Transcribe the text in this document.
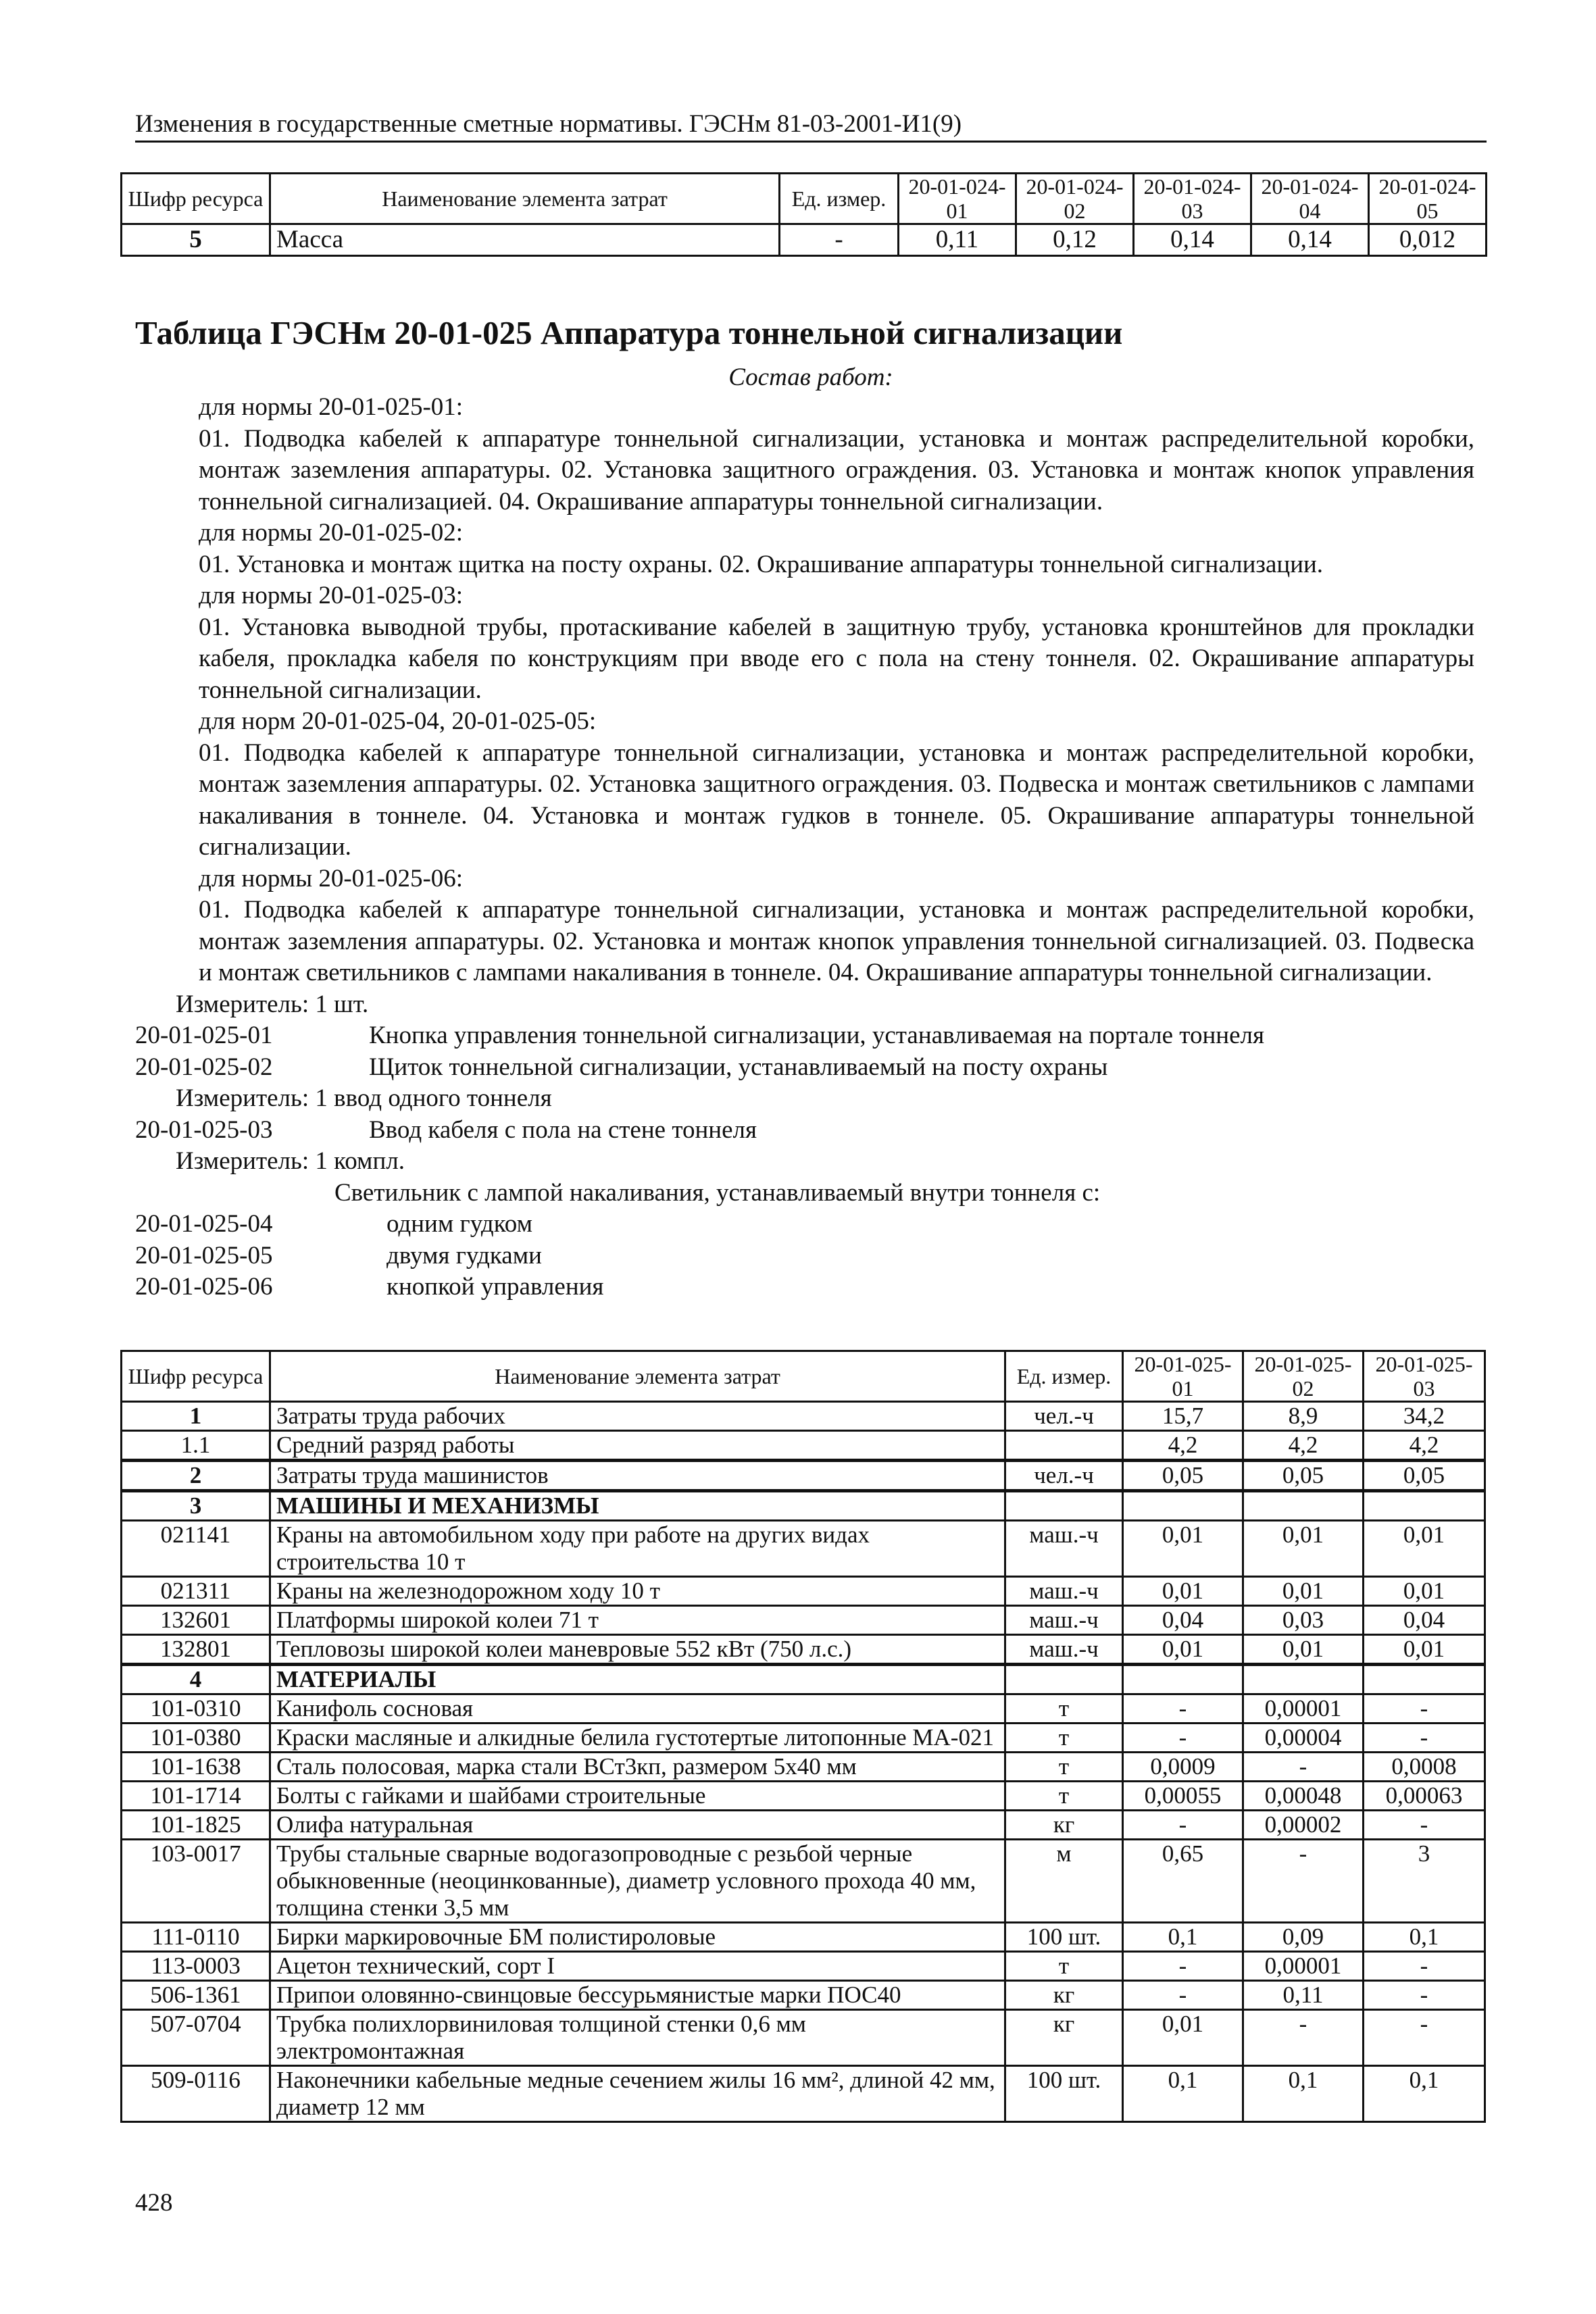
Изменения в государственные сметные нормативы. ГЭСНм 81-03-2001-И1(9)
Шифр ресурса	Наименование элемента затрат	Ед. измер.	20-01-024-01	20-01-024-02	20-01-024-03	20-01-024-04	20-01-024-05
5	Масса	-	0,11	0,12	0,14	0,14	0,012
Таблица ГЭСНм 20-01-025 Аппаратура тоннельной сигнализации
Состав работ:

для нормы 20-01-025-01:

01. Подводка кабелей к аппаратуре тоннельной сигнализации, установка и монтаж распределительной коробки, монтаж заземления аппаратуры. 02. Установка защитного ограждения. 03. Установка и монтаж кнопок управления тоннельной сигнализацией. 04. Окрашивание аппаратуры тоннельной сигнализации.

для нормы 20-01-025-02:

01. Установка и монтаж щитка на посту охраны. 02. Окрашивание аппаратуры тоннельной сигнализации.

для нормы 20-01-025-03:

01. Установка выводной трубы, протаскивание кабелей в защитную трубу, установка кронштейнов для прокладки кабеля, прокладка кабеля по конструкциям при вводе его с пола на стену тоннеля. 02. Окрашивание аппаратуры тоннельной сигнализации.

для норм 20-01-025-04, 20-01-025-05:

01. Подводка кабелей к аппаратуре тоннельной сигнализации, установка и монтаж распределительной коробки, монтаж заземления аппаратуры. 02. Установка защитного ограждения. 03. Подвеска и монтаж светильников с лампами накаливания в тоннеле. 04. Установка и монтаж гудков в тоннеле. 05. Окрашивание аппаратуры тоннельной сигнализации.

для нормы 20-01-025-06:

01. Подводка кабелей к аппаратуре тоннельной сигнализации, установка и монтаж распределительной коробки, монтаж заземления аппаратуры. 02. Установка и монтаж кнопок управления тоннельной сигнализацией. 03. Подвеска и монтаж светильников с лампами накаливания в тоннеле. 04. Окрашивание аппаратуры тоннельной сигнализации.

Измеритель: 1 шт.

20-01-025-01	Кнопка управления тоннельной сигнализации, устанавливаемая на портале тоннеля
20-01-025-02	Щиток тоннельной сигнализации, устанавливаемый на посту охраны

Измеритель: 1 ввод одного тоннеля

20-01-025-03	Ввод кабеля с пола на стене тоннеля

Измеритель: 1 компл.

Светильник с лампой накаливания, устанавливаемый внутри тоннеля с:

20-01-025-04	одним гудком
20-01-025-05	двумя гудками
20-01-025-06	кнопкой управления
Шифр ресурса	Наименование элемента затрат	Ед. измер.	20-01-025-01	20-01-025-02	20-01-025-03
1	Затраты труда рабочих	чел.-ч	15,7	8,9	34,2
1.1	Средний разряд работы		4,2	4,2	4,2
2	Затраты труда машинистов	чел.-ч	0,05	0,05	0,05
3	МАШИНЫ И МЕХАНИЗМЫ				
021141	Краны на автомобильном ходу при работе на других видах строительства 10 т	маш.-ч	0,01	0,01	0,01
021311	Краны на железнодорожном ходу 10 т	маш.-ч	0,01	0,01	0,01
132601	Платформы широкой колеи 71 т	маш.-ч	0,04	0,03	0,04
132801	Тепловозы широкой колеи маневровые 552 кВт (750 л.с.)	маш.-ч	0,01	0,01	0,01
4	МАТЕРИАЛЫ				
101-0310	Канифоль сосновая	т	-	0,00001	-
101-0380	Краски масляные и алкидные белила густотертые литопонные МА-021	т	-	0,00004	-
101-1638	Сталь полосовая, марка стали ВСт3кп, размером 5х40 мм	т	0,0009	-	0,0008
101-1714	Болты с гайками и шайбами строительные	т	0,00055	0,00048	0,00063
101-1825	Олифа натуральная	кг	-	0,00002	-
103-0017	Трубы стальные сварные водогазопроводные с резьбой черные обыкновенные (неоцинкованные), диаметр условного прохода 40 мм, толщина стенки 3,5 мм	м	0,65	-	3
111-0110	Бирки маркировочные БМ полистироловые	100 шт.	0,1	0,09	0,1
113-0003	Ацетон технический, сорт I	т	-	0,00001	-
506-1361	Припои оловянно-свинцовые бессурьмянистые марки ПОС40	кг	-	0,11	-
507-0704	Трубка полихлорвиниловая толщиной стенки 0,6 мм электромонтажная	кг	0,01	-	-
509-0116	Наконечники кабельные медные сечением жилы 16 мм², длиной 42 мм, диаметр 12 мм	100 шт.	0,1	0,1	0,1
428
